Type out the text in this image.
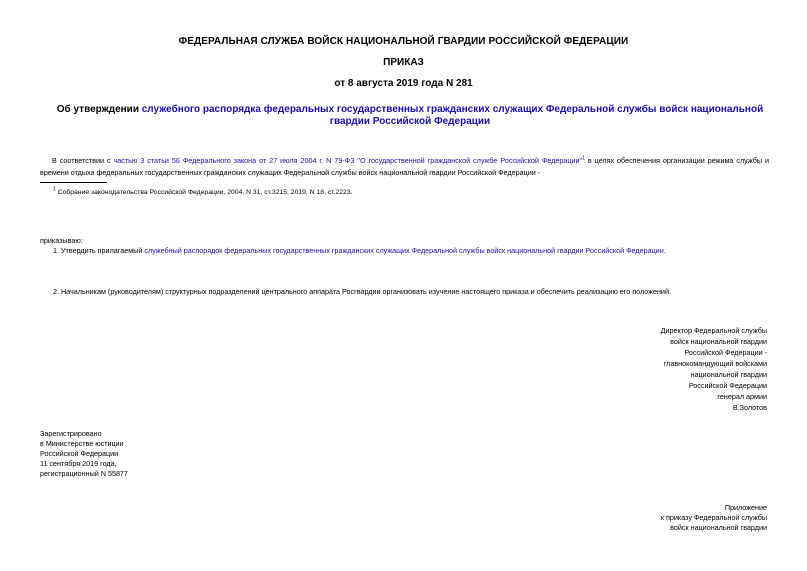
ФЕДЕРАЛЬНАЯ СЛУЖБА ВОЙСК НАЦИОНАЛЬНОЙ ГВАРДИИ РОССИЙСКОЙ ФЕДЕРАЦИИ
ПРИКАЗ
от 8 августа 2019 года N 281
Об утверждении служебного распорядка федеральных государственных гражданских служащих Федеральной службы войск национальной гвардии Российской Федерации
В соответствии с частью 3 статьи 56 Федерального закона от 27 июля 2004 г. N 79-ФЗ "О государственной гражданской службе Российской Федерации"$^1$ в целях обеспечения организации режима службы и времени отдыха федеральных государственных гражданских служащих Федеральной службы войск национальной гвардии Российской Федерации -
$^1$ Собрание законодательства Российской Федерации, 2004, N 31, ст.3215; 2019, N 18, ст.2223.
приказываю:
1. Утвердить прилагаемый служебный распорядок федеральных государственных гражданских служащих Федеральной службы войск национальной гвардии Российской Федерации.
2. Начальникам (руководителям) структурных подразделений центрального аппарата Росгвардии организовать изучение настоящего приказа и обеспечить реализацию его положений.
Директор Федеральной службы
войск национальной гвардии
Российской Федерации -
главнокомандующий войсками
национальной гвардии
Российской Федерации
генерал армии
В.Золотов
Зарегистрировано
в Министерстве юстиции
Российской Федерации
11 сентября 2019 года,
регистрационный N 55877
Приложение
к приказу Федеральной службы
войск национальной гвардии
